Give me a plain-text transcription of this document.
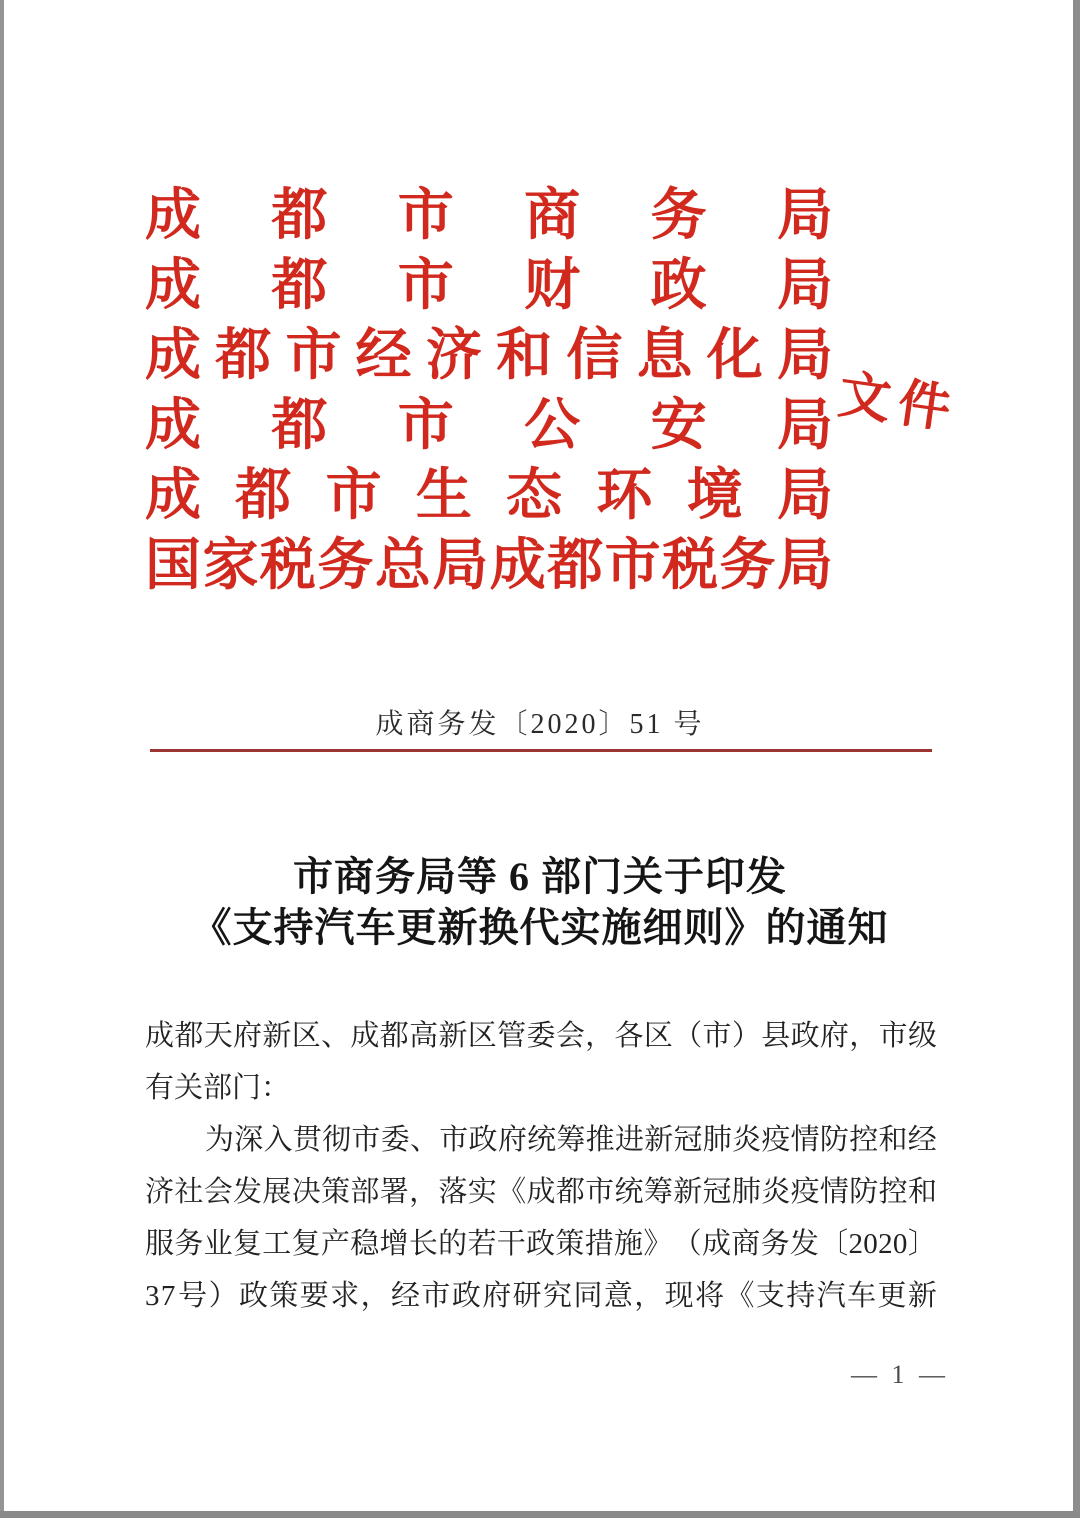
成 都 市 商 务 局
成 都 市 财 政 局
成 都 市 经 济 和 信 息 化 局
成 都 市 公 安 局
成 都 市 生 态 环 境 局
国 家 税 务 总 局 成 都 市 税 务 局
文件
成商务发〔2020〕51 号
市商务局等 6 部门关于印发
《支持汽车更新换代实施细则》的通知
成 都 天 府 新 区 、 成 都 高 新 区 管 委 会 ， 各 区 （ 市 ） 县 政 府 ， 市 级
有关部门：
为 深 入 贯 彻 市 委 、 市 政 府 统 筹 推 进 新 冠 肺 炎 疫 情 防 控 和 经
济 社 会 发 展 决 策 部 署 ， 落 实 《 成 都 市 统 筹 新 冠 肺 炎 疫 情 防 控 和
服 务 业 复 工 复 产 稳 增 长 的 若 干 政 策 措 施 》 （ 成 商 务 发 〔 2 0 2 0 〕
3 7 号 ） 政 策 要 求 ， 经 市 政 府 研 究 同 意 ， 现 将 《 支 持 汽 车 更 新
— 1 —
